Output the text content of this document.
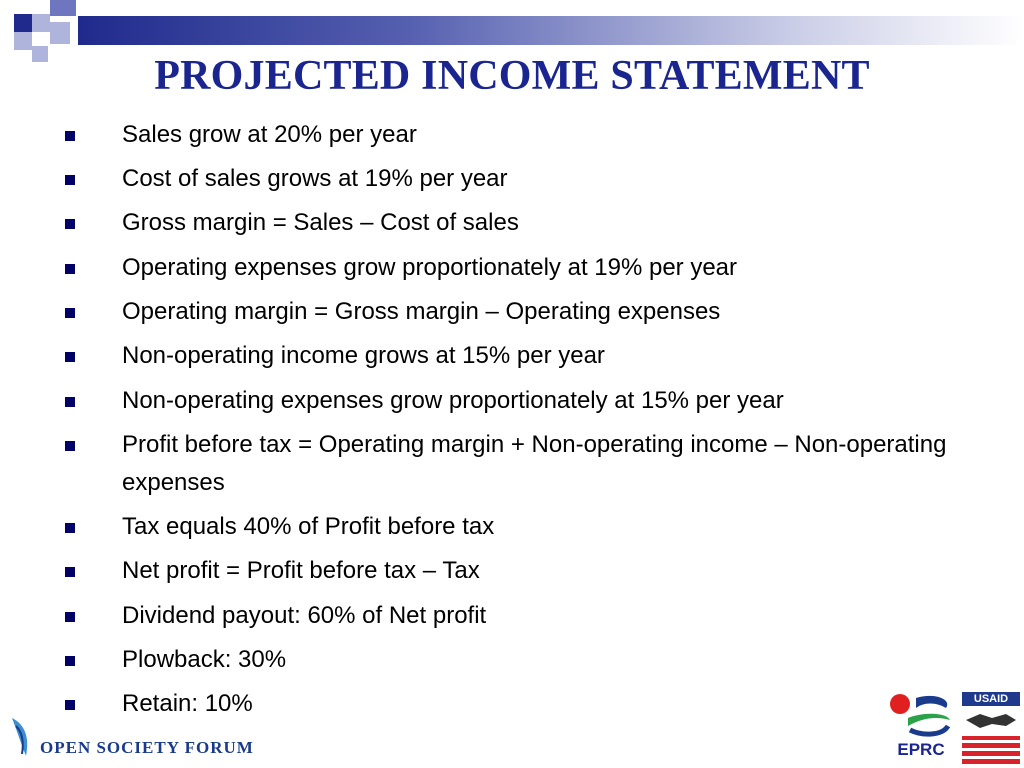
PROJECTED INCOME STATEMENT
Sales grow at 20% per year
Cost of sales grows at 19% per year
Gross margin = Sales – Cost of sales
Operating expenses grow proportionately at 19% per year
Operating margin = Gross margin – Operating expenses
Non-operating income grows at 15% per year
Non-operating expenses grow proportionately at 15% per year
Profit before tax = Operating margin + Non-operating income – Non-operating expenses
Tax equals 40% of Profit before tax
Net profit = Profit before tax – Tax
Dividend payout: 60% of Net profit
Plowback: 30%
Retain: 10%
OPEN SOCIETY FORUM	EPRC
USAID
